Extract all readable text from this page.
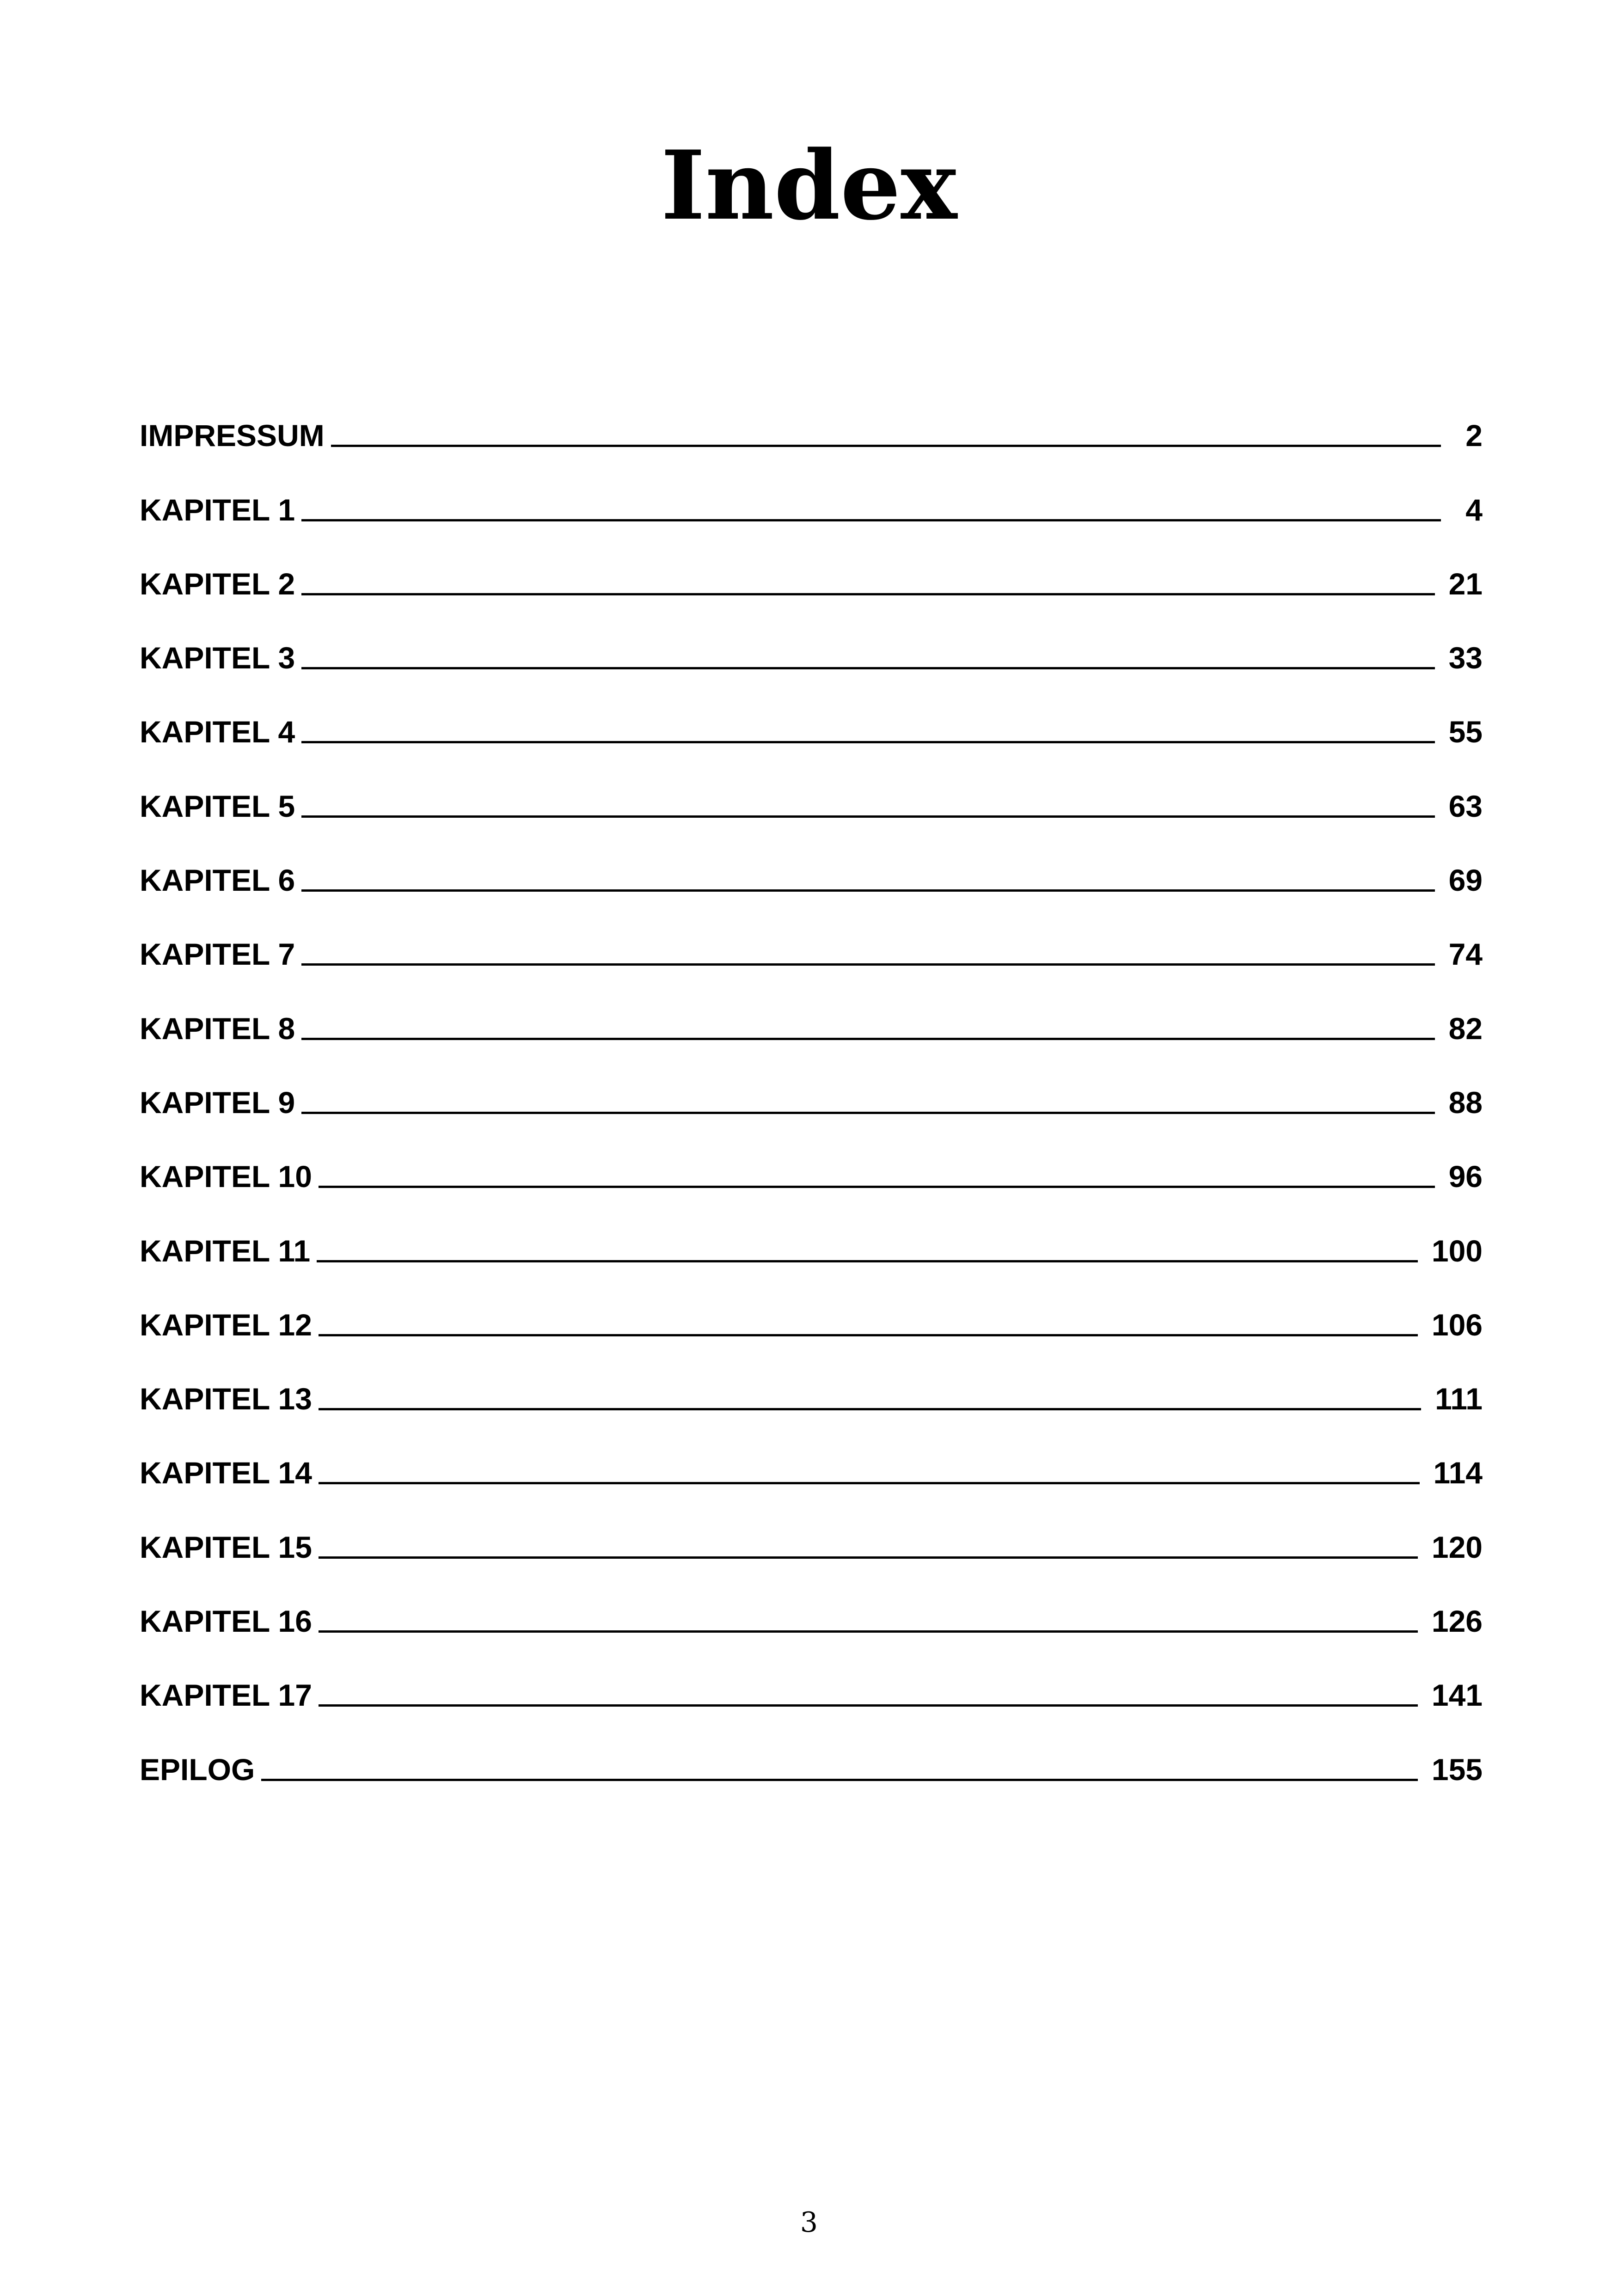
Index
IMPRESSUM	2
KAPITEL 1	4
KAPITEL 2	21
KAPITEL 3	33
KAPITEL 4	55
KAPITEL 5	63
KAPITEL 6	69
KAPITEL 7	74
KAPITEL 8	82
KAPITEL 9	88
KAPITEL 10	96
KAPITEL 11	100
KAPITEL 12	106
KAPITEL 13	111
KAPITEL 14	114
KAPITEL 15	120
KAPITEL 16	126
KAPITEL 17	141
EPILOG	155
3
